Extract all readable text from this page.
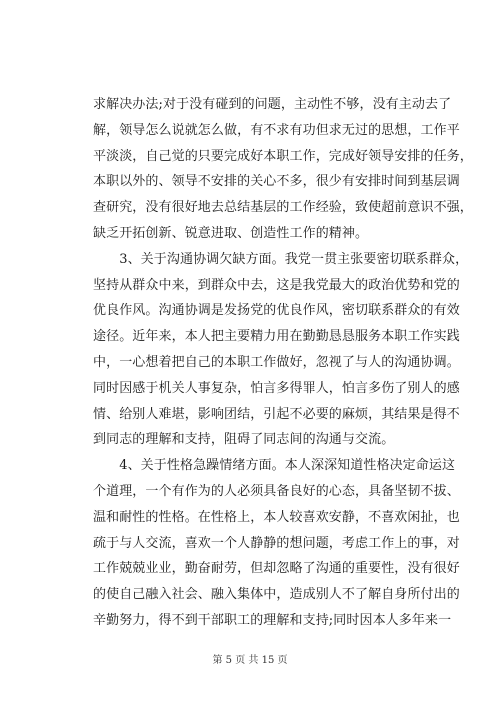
求解决办法;对于没有碰到的问题，主动性不够，没有主动去了
解，领导怎么说就怎么做，有不求有功但求无过的思想，工作平
平淡淡，自己觉的只要完成好本职工作，完成好领导安排的任务，
本职以外的、领导不安排的关心不多，很少有安排时间到基层调
查研究，没有很好地去总结基层的工作经验，致使超前意识不强，
缺乏开拓创新、锐意进取、创造性工作的精神。
　　3、关于沟通协调欠缺方面。我党一贯主张要密切联系群众，
坚持从群众中来，到群众中去，这是我党最大的政治优势和党的
优良作风。沟通协调是发扬党的优良作风，密切联系群众的有效
途径。近年来，本人把主要精力用在勤勤恳恳服务本职工作实践
中，一心想着把自己的本职工作做好，忽视了与人的沟通协调。
同时因感于机关人事复杂，怕言多得罪人，怕言多伤了别人的感
情、给别人难堪，影响团结，引起不必要的麻烦，其结果是得不
到同志的理解和支持，阻碍了同志间的沟通与交流。
　　4、关于性格急躁情绪方面。本人深深知道性格决定命运这
个道理，一个有作为的人必须具备良好的心态，具备坚韧不拔、
温和耐性的性格。在性格上，本人较喜欢安静，不喜欢闲扯，也
疏于与人交流，喜欢一个人静静的想问题，考虑工作上的事，对
工作兢兢业业，勤奋耐劳，但却忽略了沟通的重要性，没有很好
的使自己融入社会、融入集体中，造成别人不了解自身所付出的
辛勤努力，得不到干部职工的理解和支持;同时因本人多年来一
第 5 页 共 15 页
